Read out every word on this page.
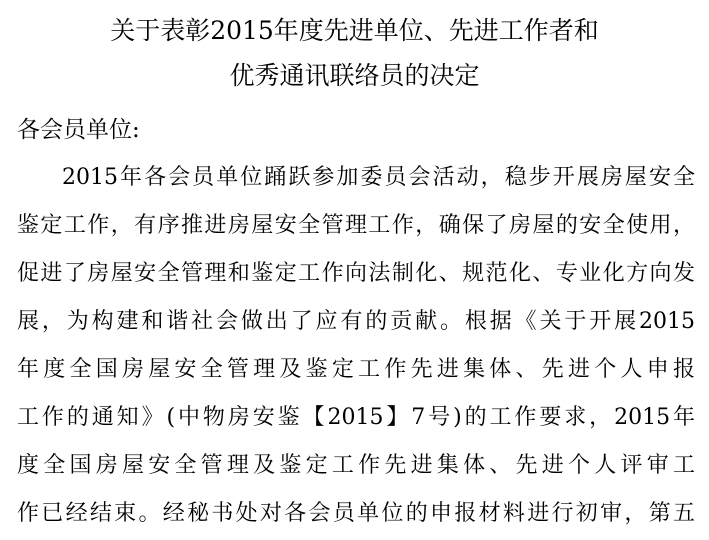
关于表彰2015年度先进单位、先进工作者和
优秀通讯联络员的决定
各会员单位:
2015年各会员单位踊跃参加委员会活动，稳步开展房屋安全
鉴定工作，有序推进房屋安全管理工作，确保了房屋的安全使用，
促进了房屋安全管理和鉴定工作向法制化、规范化、专业化方向发
展，为构建和谐社会做出了应有的贡献。根据《关于开展2015
年度全国房屋安全管理及鉴定工作先进集体、先进个人申报
工作的通知》(中物房安鉴【2015】7号)的工作要求，2015年
度全国房屋安全管理及鉴定工作先进集体、先进个人评审工
作已经结束。经秘书处对各会员单位的申报材料进行初审，第五
